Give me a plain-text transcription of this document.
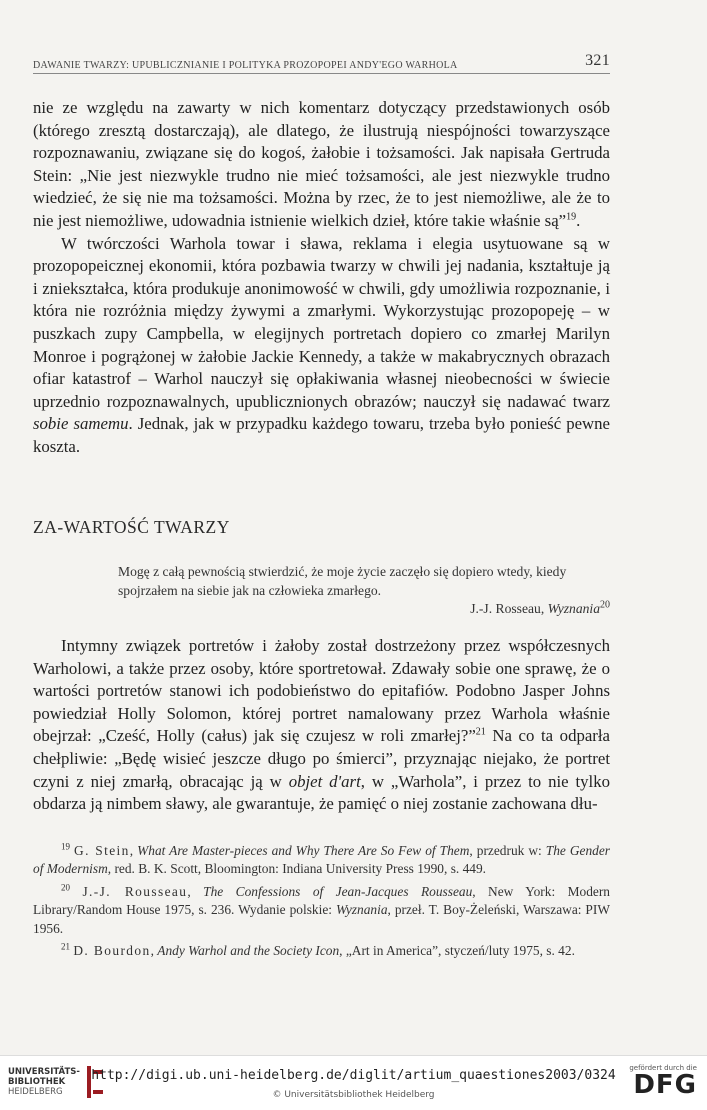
DAWANIE TWARZY: UPUBLICZNIANIE I POLITYKA PROZOPOPEI ANDY'EGO WARHOLA	321

nie ze względu na zawarty w nich komentarz dotyczący przedstawionych osób (którego zresztą dostarczają), ale dlatego, że ilustrują niespójności towarzyszące rozpoznawaniu, związane się do kogoś, żałobie i tożsamości. Jak napisała Gertruda Stein: „Nie jest niezwykle trudno nie mieć tożsamości, ale jest niezwykle trudno wiedzieć, że się nie ma tożsamości. Można by rzec, że to jest niemożliwe, ale że to nie jest niemożliwe, udowadnia istnienie wielkich dzieł, które takie właśnie są”$^{19}$.

W twórczości Warhola towar i sława, reklama i elegia usytuowane są w prozopopeicznej ekonomii, która pozbawia twarzy w chwili jej nadania, kształtuje ją i zniekształca, która produkuje anonimowość w chwili, gdy umożliwia rozpoznanie, i która nie rozróżnia między żywymi a zmarłymi. Wykorzystując prozopopeję – w puszkach zupy Campbella, w elegijnych portretach dopiero co zmarłej Marilyn Monroe i pogrążonej w żałobie Jackie Kennedy, a także w makabrycznych obrazach ofiar katastrof – Warhol nauczył się opłakiwania własnej nieobecności w świecie uprzednio rozpoznawalnych, upublicznionych obrazów; nauczył się nadawać twarz sobie samemu. Jednak, jak w przypadku każdego towaru, trzeba było ponieść pewne koszta.

ZA-WARTOŚĆ TWARZY
Mogę z całą pewnością stwierdzić, że moje życie zaczęło się dopiero wtedy, kiedy spojrzałem na siebie jak na człowieka zmarłego.
J.-J. Rosseau, Wyznania$^{20}$

Intymny związek portretów i żałoby został dostrzeżony przez współczesnych Warholowi, a także przez osoby, które sportretował. Zdawały sobie one sprawę, że o wartości portretów stanowi ich podobieństwo do epitafiów. Podobno Jasper Johns powiedział Holly Solomon, której portret namalowany przez Warhola właśnie obejrzał: „Cześć, Holly (całus) jak się czujesz w roli zmarłej?”$^{21}$ Na co ta odparła chełpliwie: „Będę wisieć jeszcze długo po śmierci”, przyznając niejako, że portret czyni z niej zmarłą, obracając ją w objet d'art, w „Warhola”, i przez to nie tylko obdarza ją nimbem sławy, ale gwarantuje, że pamięć o niej zostanie zachowana dłu-

$^{19}$ G. Stein, What Are Master-pieces and Why There Are So Few of Them, przedruk w: The Gender of Modernism, red. B. K. Scott, Bloomington: Indiana University Press 1990, s. 449.

$^{20}$ J.-J. Rousseau, The Confessions of Jean-Jacques Rousseau, New York: Modern Library/Random House 1975, s. 236. Wydanie polskie: Wyznania, przeł. T. Boy-Żeleński, Warszawa: PIW 1956.

$^{21}$ D. Bourdon, Andy Warhol and the Society Icon, „Art in America”, styczeń/luty 1975, s. 42.

UNIVERSITÄTS-
BIBLIOTHEK
HEIDELBERG
http://digi.ub.uni-heidelberg.de/diglit/artium_quaestiones2003/0324
© Universitätsbibliothek Heidelberg
gefördert durch die
DFG
